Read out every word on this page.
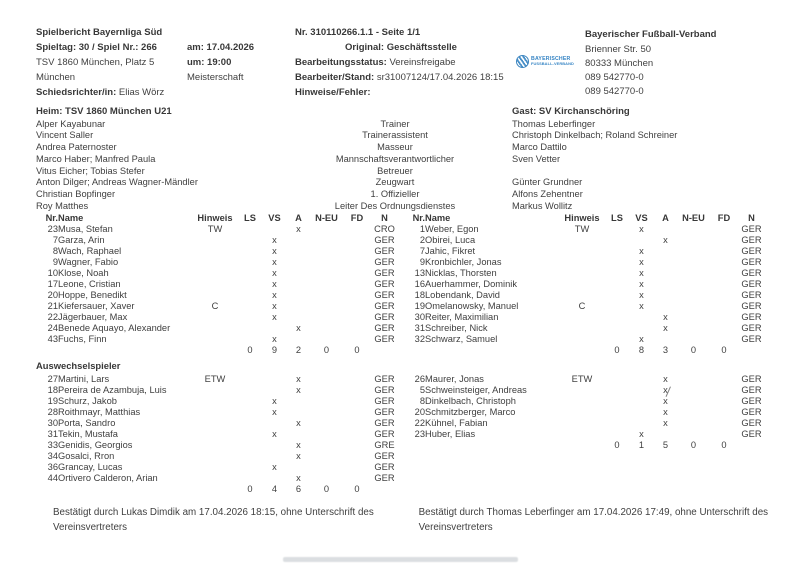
Spielbericht Bayernliga Süd
Spieltag: 30 / Spiel Nr.: 266
TSV 1860 München, Platz 5
München
Schiedsrichter/in: Elias Wörz
am: 17.04.2026
um: 19:00
Meisterschaft
Nr. 310110266.1.1 - Seite 1/1
Original: Geschäftsstelle
Bearbeitungsstatus: Vereinsfreigabe
Bearbeiter/Stand: sr31007124/17.04.2026 18:15
Hinweise/Fehler:
BAYERISCHER
FUSSBALL-VERBAND
Bayerischer Fußball-Verband
Brienner Str. 50
80333 München
089 542770-0
089 542770-0
Heim: TSV 1860 München U21	Gast: SV Kirchanschöring
Alper Kayabunar	Trainer	Thomas Leberfinger
Vincent Saller	Trainerassistent	Christoph Dinkelbach; Roland Schreiner
Andrea Paternoster	Masseur	Marco Dattilo
Marco Haber; Manfred Paula	Mannschaftsverantwortlicher	Sven Vetter
Vitus Eicher; Tobias Stefer	Betreuer	
Anton Dilger; Andreas Wagner-Mändler	Zeugwart	Günter Grundner
Christian Bopfinger	1. Offizieller	Alfons Zehentner
Roy Matthes	Leiter Des Ordnungsdienstes	Markus Wollitz
Nr.	Name	Hinweis	LS	VS	A	N-EU	FD	N
23	Musa, Stefan	TW			x			CRO
7	Garza, Arin			x				GER
8	Wach, Raphael			x				GER
9	Wagner, Fabio			x				GER
10	Klose, Noah			x				GER
17	Leone, Cristian			x				GER
20	Hoppe, Benedikt			x				GER
21	Kiefersauer, Xaver	C		x				GER
22	Jägerbauer, Max			x				GER
24	Benede Aquayo, Alexander				x			GER
43	Fuchs, Finn			x				GER
			0	9	2	0	0	
Auswechselspieler
27	Martini, Lars	ETW			x			GER
18	Pereira de Azambuja, Luis				x			GER
19	Schurz, Jakob			x				GER
28	Roithmayr, Matthias			x				GER
30	Porta, Sandro				x			GER
31	Tekin, Mustafa			x				GER
33	Genidis, Georgios				x			GRE
34	Gosalci, Rron				x			GER
36	Grancay, Lucas			x				GER
44	Ortivero Calderon, Arian				x			GER
			0	4	6	0	0	
Nr.	Name	Hinweis	LS	VS	A	N-EU	FD	N
1	Weber, Egon	TW		x				GER
2	Obirei, Luca				x			GER
7	Jahic, Fikret			x				GER
9	Kronbichler, Jonas			x				GER
13	Nicklas, Thorsten			x				GER
16	Auerhammer, Dominik			x				GER
18	Lobendank, David			x				GER
19	Omelanowsky, Manuel	C		x				GER
30	Reiter, Maximilian				x			GER
31	Schreiber, Nick				x			GER
32	Schwarz, Samuel			x				GER
			0	8	3	0	0	
26	Maurer, Jonas	ETW			x			GER
5	Schweinsteiger, Andreas				x			GER
8	Dinkelbach, Christoph				x			GER
20	Schmitzberger, Marco				x			GER
22	Kühnel, Fabian				x			GER
23	Huber, Elias			x				GER
			0	1	5	0	0	
Bestätigt durch Lukas Dimdik am 17.04.2026 18:15, ohne Unterschrift des Vereinsvertreters
Bestätigt durch Thomas Leberfinger am 17.04.2026 17:49, ohne Unterschrift des Vereinsvertreters
